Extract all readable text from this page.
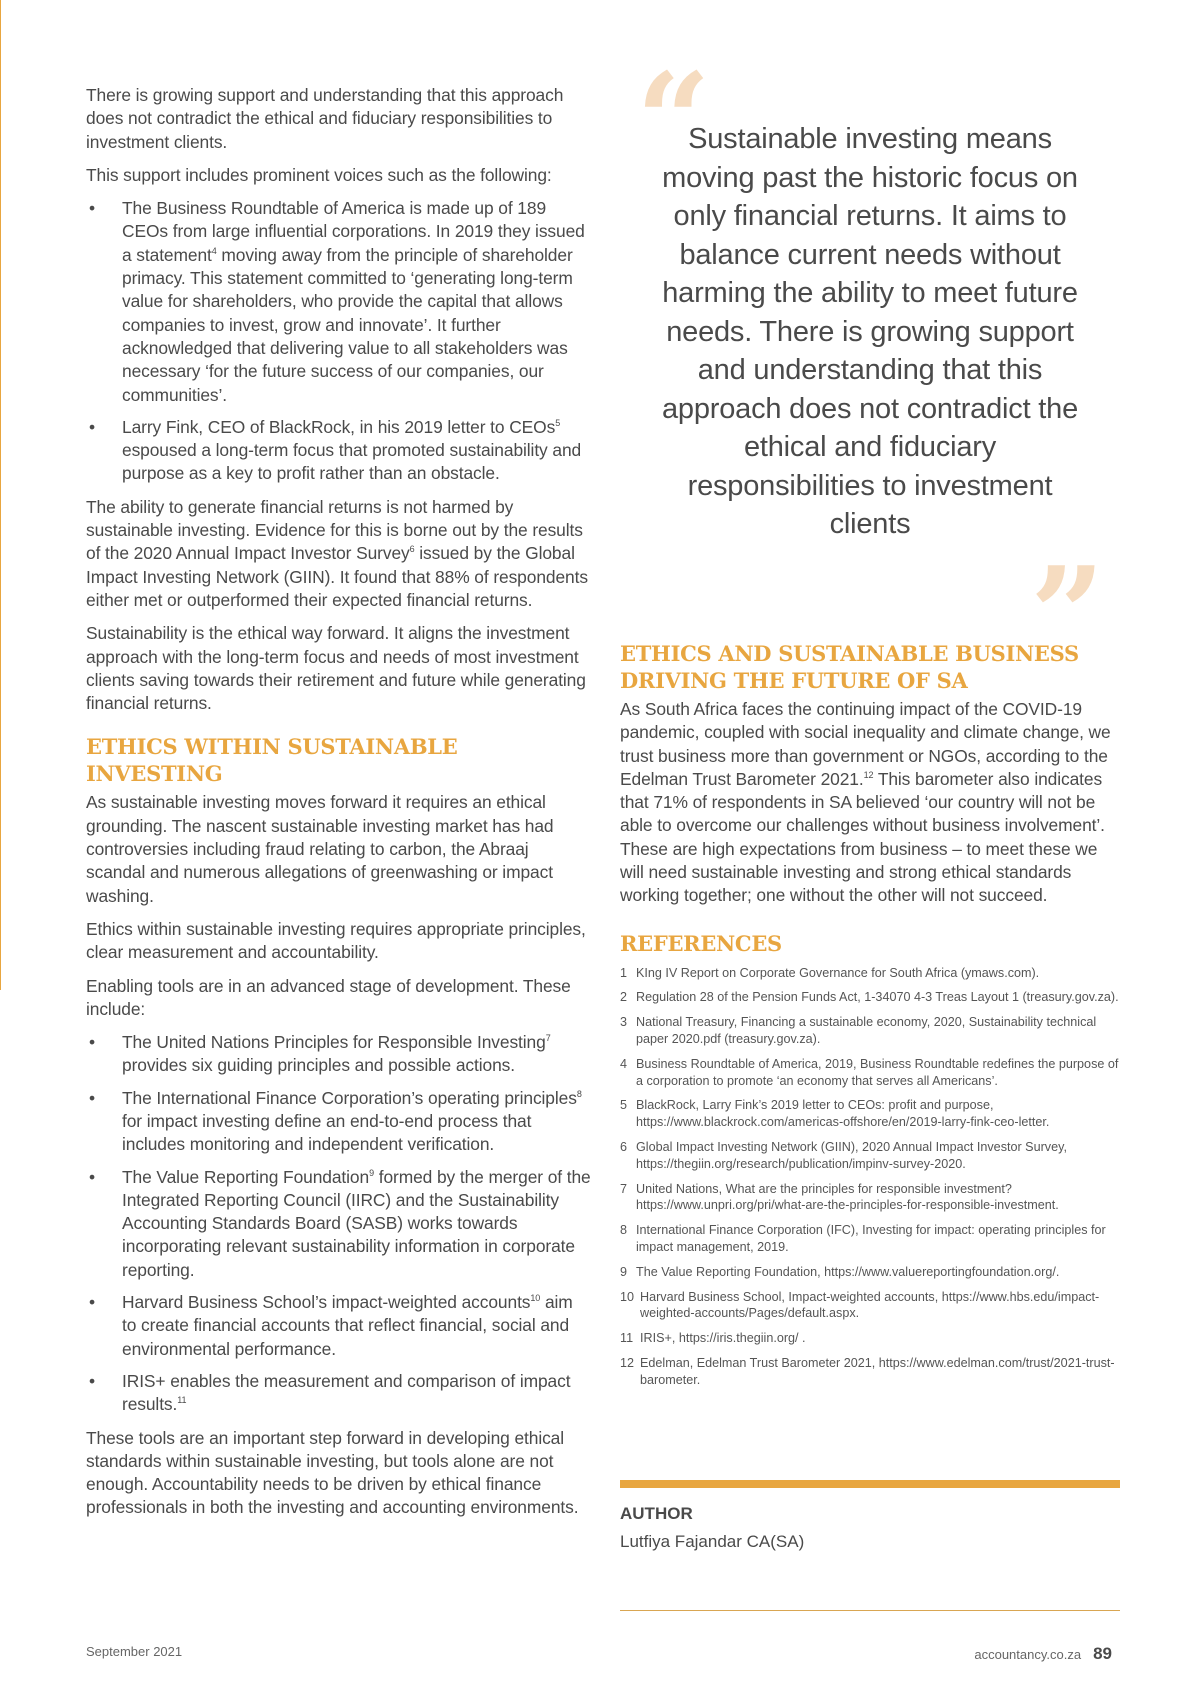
There is growing support and understanding that this approach does not contradict the ethical and fiduciary responsibilities to investment clients.

This support includes prominent voices such as the following:

• The Business Roundtable of America is made up of 189 CEOs from large influential corporations. In 2019 they issued a statement$^4$ moving away from the principle of shareholder primacy. This statement committed to ‘generating long-term value for shareholders, who provide the capital that allows companies to invest, grow and innovate’. It further acknowledged that delivering value to all stakeholders was necessary ‘for the future success of our companies, our communities’.
• Larry Fink, CEO of BlackRock, in his 2019 letter to CEOs$^5$ espoused a long-term focus that promoted sustainability and purpose as a key to profit rather than an obstacle.

The ability to generate financial returns is not harmed by sustainable investing. Evidence for this is borne out by the results of the 2020 Annual Impact Investor Survey$^6$ issued by the Global Impact Investing Network (GIIN). It found that 88% of respondents either met or outperformed their expected financial returns.

Sustainability is the ethical way forward. It aligns the investment approach with the long-term focus and needs of most investment clients saving towards their retirement and future while generating financial returns.

ETHICS WITHIN SUSTAINABLE INVESTING

As sustainable investing moves forward it requires an ethical grounding. The nascent sustainable investing market has had controversies including fraud relating to carbon, the Abraaj scandal and numerous allegations of greenwashing or impact washing.

Ethics within sustainable investing requires appropriate principles, clear measurement and accountability.

Enabling tools are in an advanced stage of development. These include:

• The United Nations Principles for Responsible Investing$^7$ provides six guiding principles and possible actions.
• The International Finance Corporation’s operating principles$^8$ for impact investing define an end-to-end process that includes monitoring and independent verification.
• The Value Reporting Foundation$^9$ formed by the merger of the Integrated Reporting Council (IIRC) and the Sustainability Accounting Standards Board (SASB) works towards incorporating relevant sustainability information in corporate reporting.
• Harvard Business School’s impact-weighted accounts$^{10}$ aim to create financial accounts that reflect financial, social and environmental performance.
• IRIS+ enables the measurement and comparison of impact results.$^{11}$

These tools are an important step forward in developing ethical standards within sustainable investing, but tools alone are not enough. Accountability needs to be driven by ethical finance professionals in both the investing and accounting environments.

“
Sustainable investing means moving past the historic focus on only financial returns. It aims to balance current needs without harming the ability to meet future needs. There is growing support and understanding that this approach does not contradict the ethical and fiduciary responsibilities to investment clients
”
ETHICS AND SUSTAINABLE BUSINESS DRIVING THE FUTURE OF SA

As South Africa faces the continuing impact of the COVID-19 pandemic, coupled with social inequality and climate change, we trust business more than government or NGOs, according to the Edelman Trust Barometer 2021.12 This barometer also indicates that 71% of respondents in SA believed ‘our country will not be able to overcome our challenges without business involvement’. These are high expectations from business – to meet these we will need sustainable investing and strong ethical standards working together; one without the other will not succeed.

REFERENCES
1 KIng IV Report on Corporate Governance for South Africa (ymaws.com).
2 Regulation 28 of the Pension Funds Act, 1-34070 4-3 Treas Layout 1 (treasury.gov.za).
3 National Treasury, Financing a sustainable economy, 2020, Sustainability technical paper 2020.pdf (treasury.gov.za).
4 Business Roundtable of America, 2019, Business Roundtable redefines the purpose of a corporation to promote ‘an economy that serves all Americans’.
5 BlackRock, Larry Fink’s 2019 letter to CEOs: profit and purpose, https://www.blackrock.com/americas-offshore/en/2019-larry-fink-ceo-letter.
6 Global Impact Investing Network (GIIN), 2020 Annual Impact Investor Survey, https://thegiin.org/research/publication/impinv-survey-2020.
7 United Nations, What are the principles for responsible investment? https://www.unpri.org/pri/what-are-the-principles-for-responsible-investment.
8 International Finance Corporation (IFC), Investing for impact: operating principles for impact management, 2019.
9 The Value Reporting Foundation, https://www.valuereportingfoundation.org/.
10 Harvard Business School, Impact-weighted accounts, https://www.hbs.edu/impact-weighted-accounts/Pages/default.aspx.
11 IRIS+, https://iris.thegiin.org/ .
12 Edelman, Edelman Trust Barometer 2021, https://www.edelman.com/trust/2021-trust-barometer.
AUTHOR
Lutfiya Fajandar CA(SA)
September 2021	accountancy.co.za 89
